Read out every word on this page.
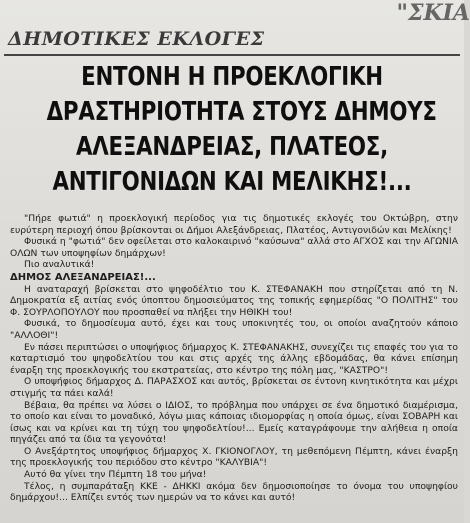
"ΣΚΙΑ
ΔΗΜΟΤΙΚΕΣ ΕΚΛΟΓΕΣ
ΕΝΤΟΝΗ Η ΠΡΟΕΚΛΟΓΙΚΗ
ΔΡΑΣΤΗΡΙΟΤΗΤΑ ΣΤΟΥΣ ΔΗΜΟΥΣ
ΑΛΕΞΑΝΔΡΕΙΑΣ, ΠΛΑΤΕΟΣ,
ΑΝΤΙΓΟΝΙΔΩΝ ΚΑΙ ΜΕΛΙΚΗΣ!...

"Πήρε φωτιά" η προεκλογική περίοδος για τις δημοτικές εκλογές του Οκτώβρη, στην ευρύτερη περιοχή όπου βρίσκονται οι Δήμοι Αλεξάνδρειας, Πλατέος, Αντιγονιδών και Μελίκης!

Φυσικά η "φωτιά" δεν οφείλεται στο καλοκαιρινό "καύσωνα" αλλά στο ΑΓΧΟΣ και την ΑΓΩΝΙΑ ΟΛΩΝ των υποψηφίων δημάρχων!

Πιο αναλυτικά!

ΔΗΜΟΣ ΑΛΕΞΑΝΔΡΕΙΑΣ!...

Η αναταραχή βρίσκεται στο ψηφοδέλτιο του Κ. ΣΤΕΦΑΝΑΚΗ που στηρίζεται από τη Ν. Δημοκρατία εξ αιτίας ενός ύποπτου δημοσιεύματος της τοπικής εφημερίδας "Ο ΠΟΛΙΤΗΣ" του Φ. ΣΟΥΡΛΟΠΟΥΛΟΥ που προσπαθεί να πλήξει την ΗΘΙΚΗ του!

Φυσικά, το δημοσίευμα αυτό, έχει και τους υποκινητές του, οι οποίοι αναζητούν κάποιο "ΑΛΛΟΘΙ"!

Εν πάσει περιπτώσει ο υποψήφιος δήμαρχος Κ. ΣΤΕΦΑΝΑΚΗΣ, συνεχίζει τις επαφές του για το καταρτισμό του ψηφοδελτίου του και στις αρχές της άλλης εβδομάδας, θα κάνει επίσημη έναρξη της προεκλογικής του εκστρατείας, στο κέντρο της πόλη μας, "ΚΑΣΤΡΟ"!

Ο υποψήφιος δήμαρχος Δ. ΠΑΡΑΣΧΟΣ και αυτός, βρίσκεται σε έντονη κινητικότητα και μέχρι στιγμής τα πάει καλά!

Βέβαια, θα πρέπει να λύσει ο ΙΔΙΟΣ, το πρόβλημα που υπάρχει σε ένα δημοτικό διαμέρισμα, το οποίο και είναι το μοναδικό, λόγω μιας κάποιας ιδιομορφίας η οποία όμως, είναι ΣΟΒΑΡΗ και ίσως και να κρίνει και τη τύχη του ψηφοδελτίου!... Εμείς καταγράφουμε την αλήθεια η οποία πηγάζει από τα ίδια τα γεγονότα!

Ο Ανεξάρτητος υποψήφιος δήμαρχος Χ. ΓΚΙΟΝΟΓΛΟΥ, τη μεθεπόμενη Πέμπτη, κάνει έναρξη της προεκλογικής του περιόδου στο κέντρο "ΚΑΛΥΒΙΑ"!

Αυτό θα γίνει την Πέμπτη 18 του μήνα!

Τέλος, η συμπαράταξη ΚΚΕ - ΔΗΚΚΙ ακόμα δεν δημοσιοποίησε το όνομα του υποψηφίου δημάρχου!... Ελπίζει εντός των ημερών να το κάνει και αυτό!
